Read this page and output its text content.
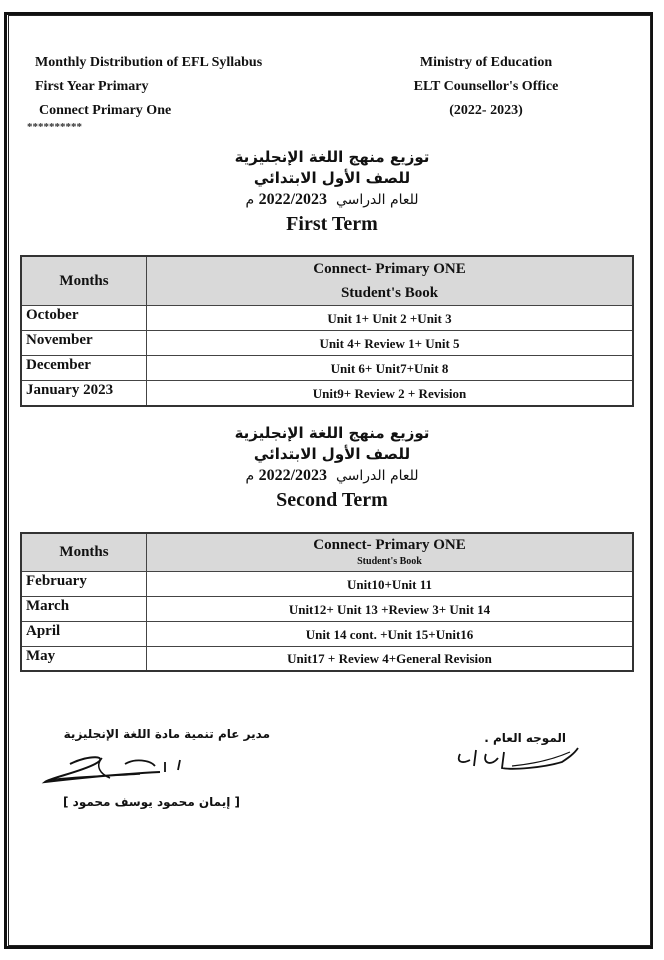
Monthly Distribution of EFL Syllabus
First Year Primary
Connect Primary One
**********
Ministry of Education
ELT Counsellor's Office
(2022- 2023)
توزيع منهج اللغة الإنجليزية
للصف الأول الابتدائي
للعام الدراسي  2022/2023 م
First Term
Months	Connect- Primary ONE
Student's Book

October	Unit 1+ Unit 2 +Unit 3
November	Unit 4+ Review 1+ Unit 5
December	Unit 6+ Unit7+Unit 8
January 2023	Unit9+ Review 2 + Revision
توزيع منهج اللغة الإنجليزية
للصف الأول الابتدائي
للعام الدراسي  2022/2023 م
Second Term
Months	Connect- Primary ONE
Student's Book

February	Unit10+Unit 11
March	Unit12+ Unit 13 +Review 3+ Unit 14
April	Unit 14 cont. +Unit 15+Unit16
May	Unit17 + Review 4+General Revision
مدير عام تنمية مادة اللغة الإنجليزية
[ إيمان محمود يوسف محمود ]
الموجه العام .
